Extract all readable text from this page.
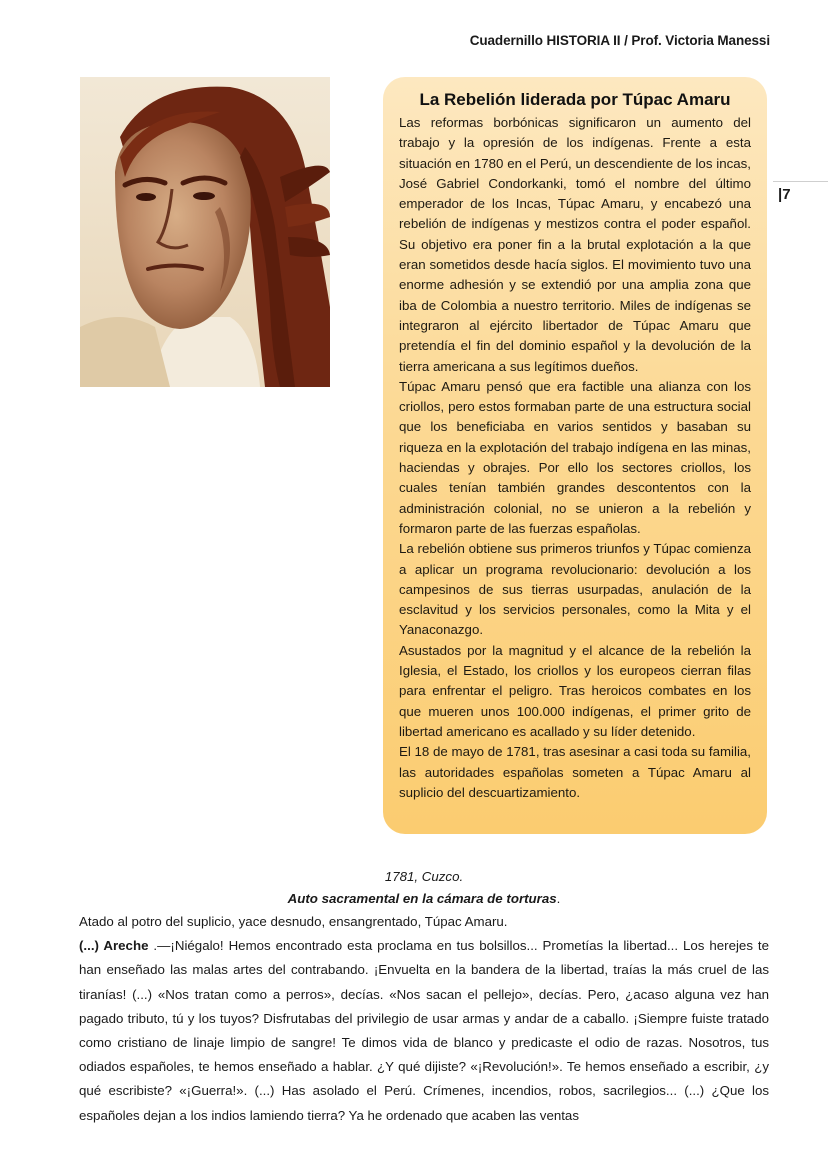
Cuadernillo HISTORIA II / Prof. Victoria Manessi
La Rebelión liderada por Túpac Amaru

Las reformas borbónicas significaron un aumento del trabajo y la opresión de los indígenas. Frente a esta situación en 1780 en el Perú, un descendiente de los incas, José Gabriel Condorkanki, tomó el nombre del último emperador de los Incas, Túpac Amaru, y encabezó una rebelión de indígenas y mestizos contra el poder español. Su objetivo era poner fin a la brutal explotación a la que eran sometidos desde hacía siglos. El movimiento tuvo una enorme adhesión y se extendió por una amplia zona que iba de Colombia a nuestro territorio. Miles de indígenas se integraron al ejército libertador de Túpac Amaru que pretendía el fin del dominio español y la devolución de la tierra americana a sus legítimos dueños.

Túpac Amaru pensó que era factible una alianza con los criollos, pero estos formaban parte de una estructura social que los beneficiaba en varios sentidos y basaban su riqueza en la explotación del trabajo indígena en las minas, haciendas y obrajes. Por ello los sectores criollos, los cuales tenían también grandes descontentos con la administración colonial, no se unieron a la rebelión y formaron parte de las fuerzas españolas.

La rebelión obtiene sus primeros triunfos y Túpac comienza a aplicar un programa revolucionario: devolución a los campesinos de sus tierras usurpadas, anulación de la esclavitud y los servicios personales, como la Mita y el Yanaconazgo.

Asustados por la magnitud y el alcance de la rebelión la Iglesia, el Estado, los criollos y los europeos cierran filas para enfrentar el peligro. Tras heroicos combates en los que mueren unos 100.000 indígenas, el primer grito de libertad americano es acallado y su líder detenido.

El 18 de mayo de 1781, tras asesinar a casi toda su familia, las autoridades españolas someten a Túpac Amaru al suplicio del descuartizamiento.

|7

1781, Cuzco.

Auto sacramental en la cámara de torturas.

Atado al potro del suplicio, yace desnudo, ensangrentado, Túpac Amaru.

(...) Areche .—¡Niégalo! Hemos encontrado esta proclama en tus bolsillos... Prometías la libertad... Los herejes te han enseñado las malas artes del contrabando. ¡Envuelta en la bandera de la libertad, traías la más cruel de las tiranías! (...) «Nos tratan como a perros», decías. «Nos sacan el pellejo», decías. Pero, ¿acaso alguna vez han pagado tributo, tú y los tuyos? Disfrutabas del privilegio de usar armas y andar de a caballo. ¡Siempre fuiste tratado como cristiano de linaje limpio de sangre! Te dimos vida de blanco y predicaste el odio de razas. Nosotros, tus odiados españoles, te hemos enseñado a hablar. ¿Y qué dijiste? «¡Revolución!». Te hemos enseñado a escribir, ¿y qué escribiste? «¡Guerra!». (...) Has asolado el Perú. Crímenes, incendios, robos, sacrilegios... (...) ¿Que los españoles dejan a los indios lamiendo tierra? Ya he ordenado que acaben las ventas
